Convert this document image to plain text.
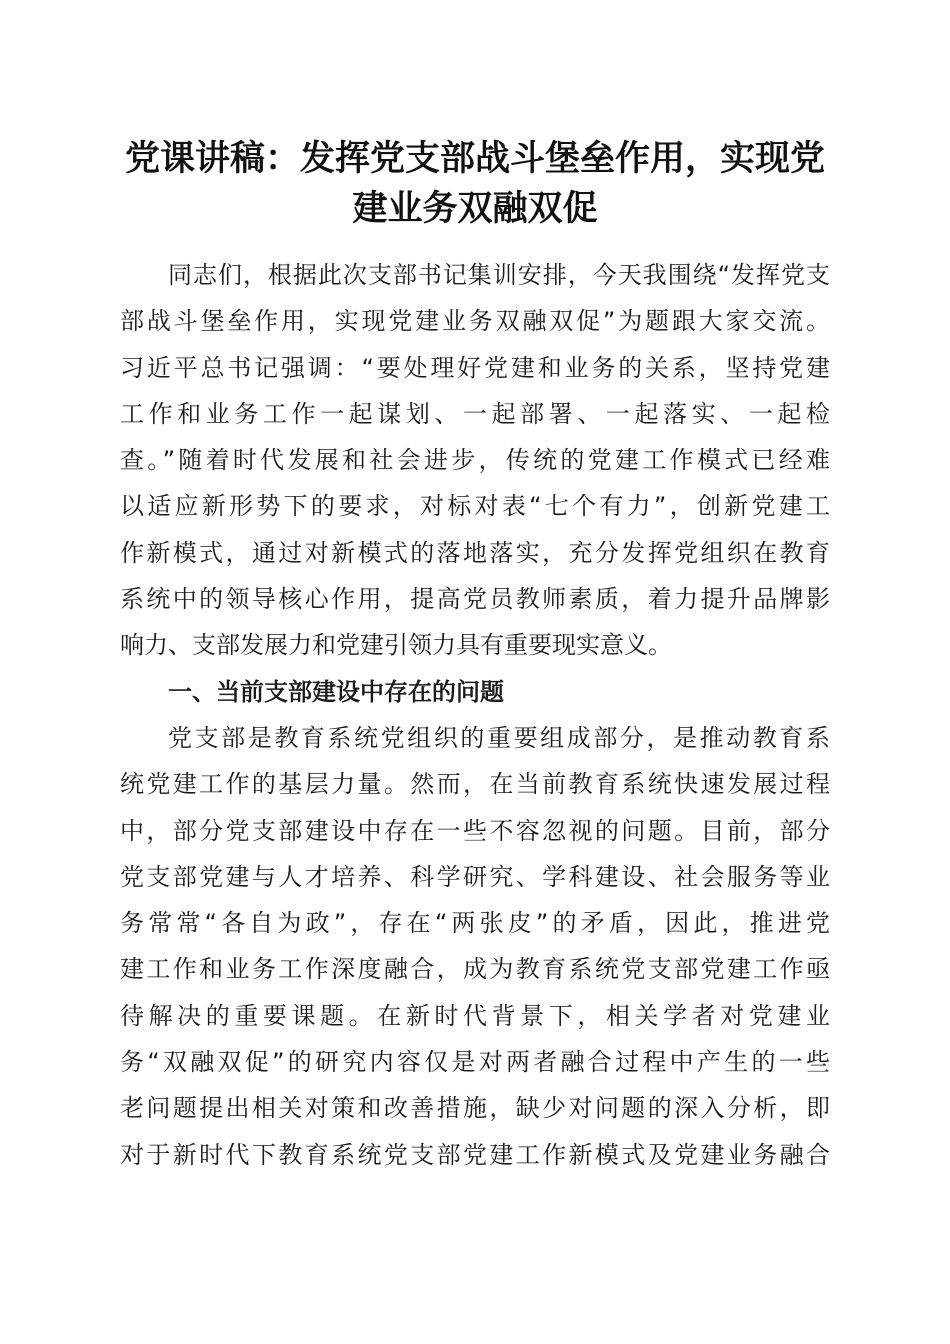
党课讲稿：发挥党支部战斗堡垒作用，实现党
建业务双融双促
同志们，根据此次支部书记集训安排，今天我围绕“发挥党支
部战斗堡垒作用，实现党建业务双融双促”为题跟大家交流。
习近平总书记强调：“要处理好党建和业务的关系，坚持党建
工作和业务工作一起谋划、一起部署、一起落实、一起检
查。”随着时代发展和社会进步，传统的党建工作模式已经难
以适应新形势下的要求，对标对表“七个有力”，创新党建工
作新模式，通过对新模式的落地落实，充分发挥党组织在教育
系统中的领导核心作用，提高党员教师素质，着力提升品牌影
响力、支部发展力和党建引领力具有重要现实意义。
一、当前支部建设中存在的问题
党支部是教育系统党组织的重要组成部分，是推动教育系
统党建工作的基层力量。然而，在当前教育系统快速发展过程
中，部分党支部建设中存在一些不容忽视的问题。目前，部分
党支部党建与人才培养、科学研究、学科建设、社会服务等业
务常常“各自为政”，存在“两张皮”的矛盾，因此，推进党
建工作和业务工作深度融合，成为教育系统党支部党建工作亟
待解决的重要课题。在新时代背景下，相关学者对党建业
务“双融双促”的研究内容仅是对两者融合过程中产生的一些
老问题提出相关对策和改善措施，缺少对问题的深入分析，即
对于新时代下教育系统党支部党建工作新模式及党建业务融合
